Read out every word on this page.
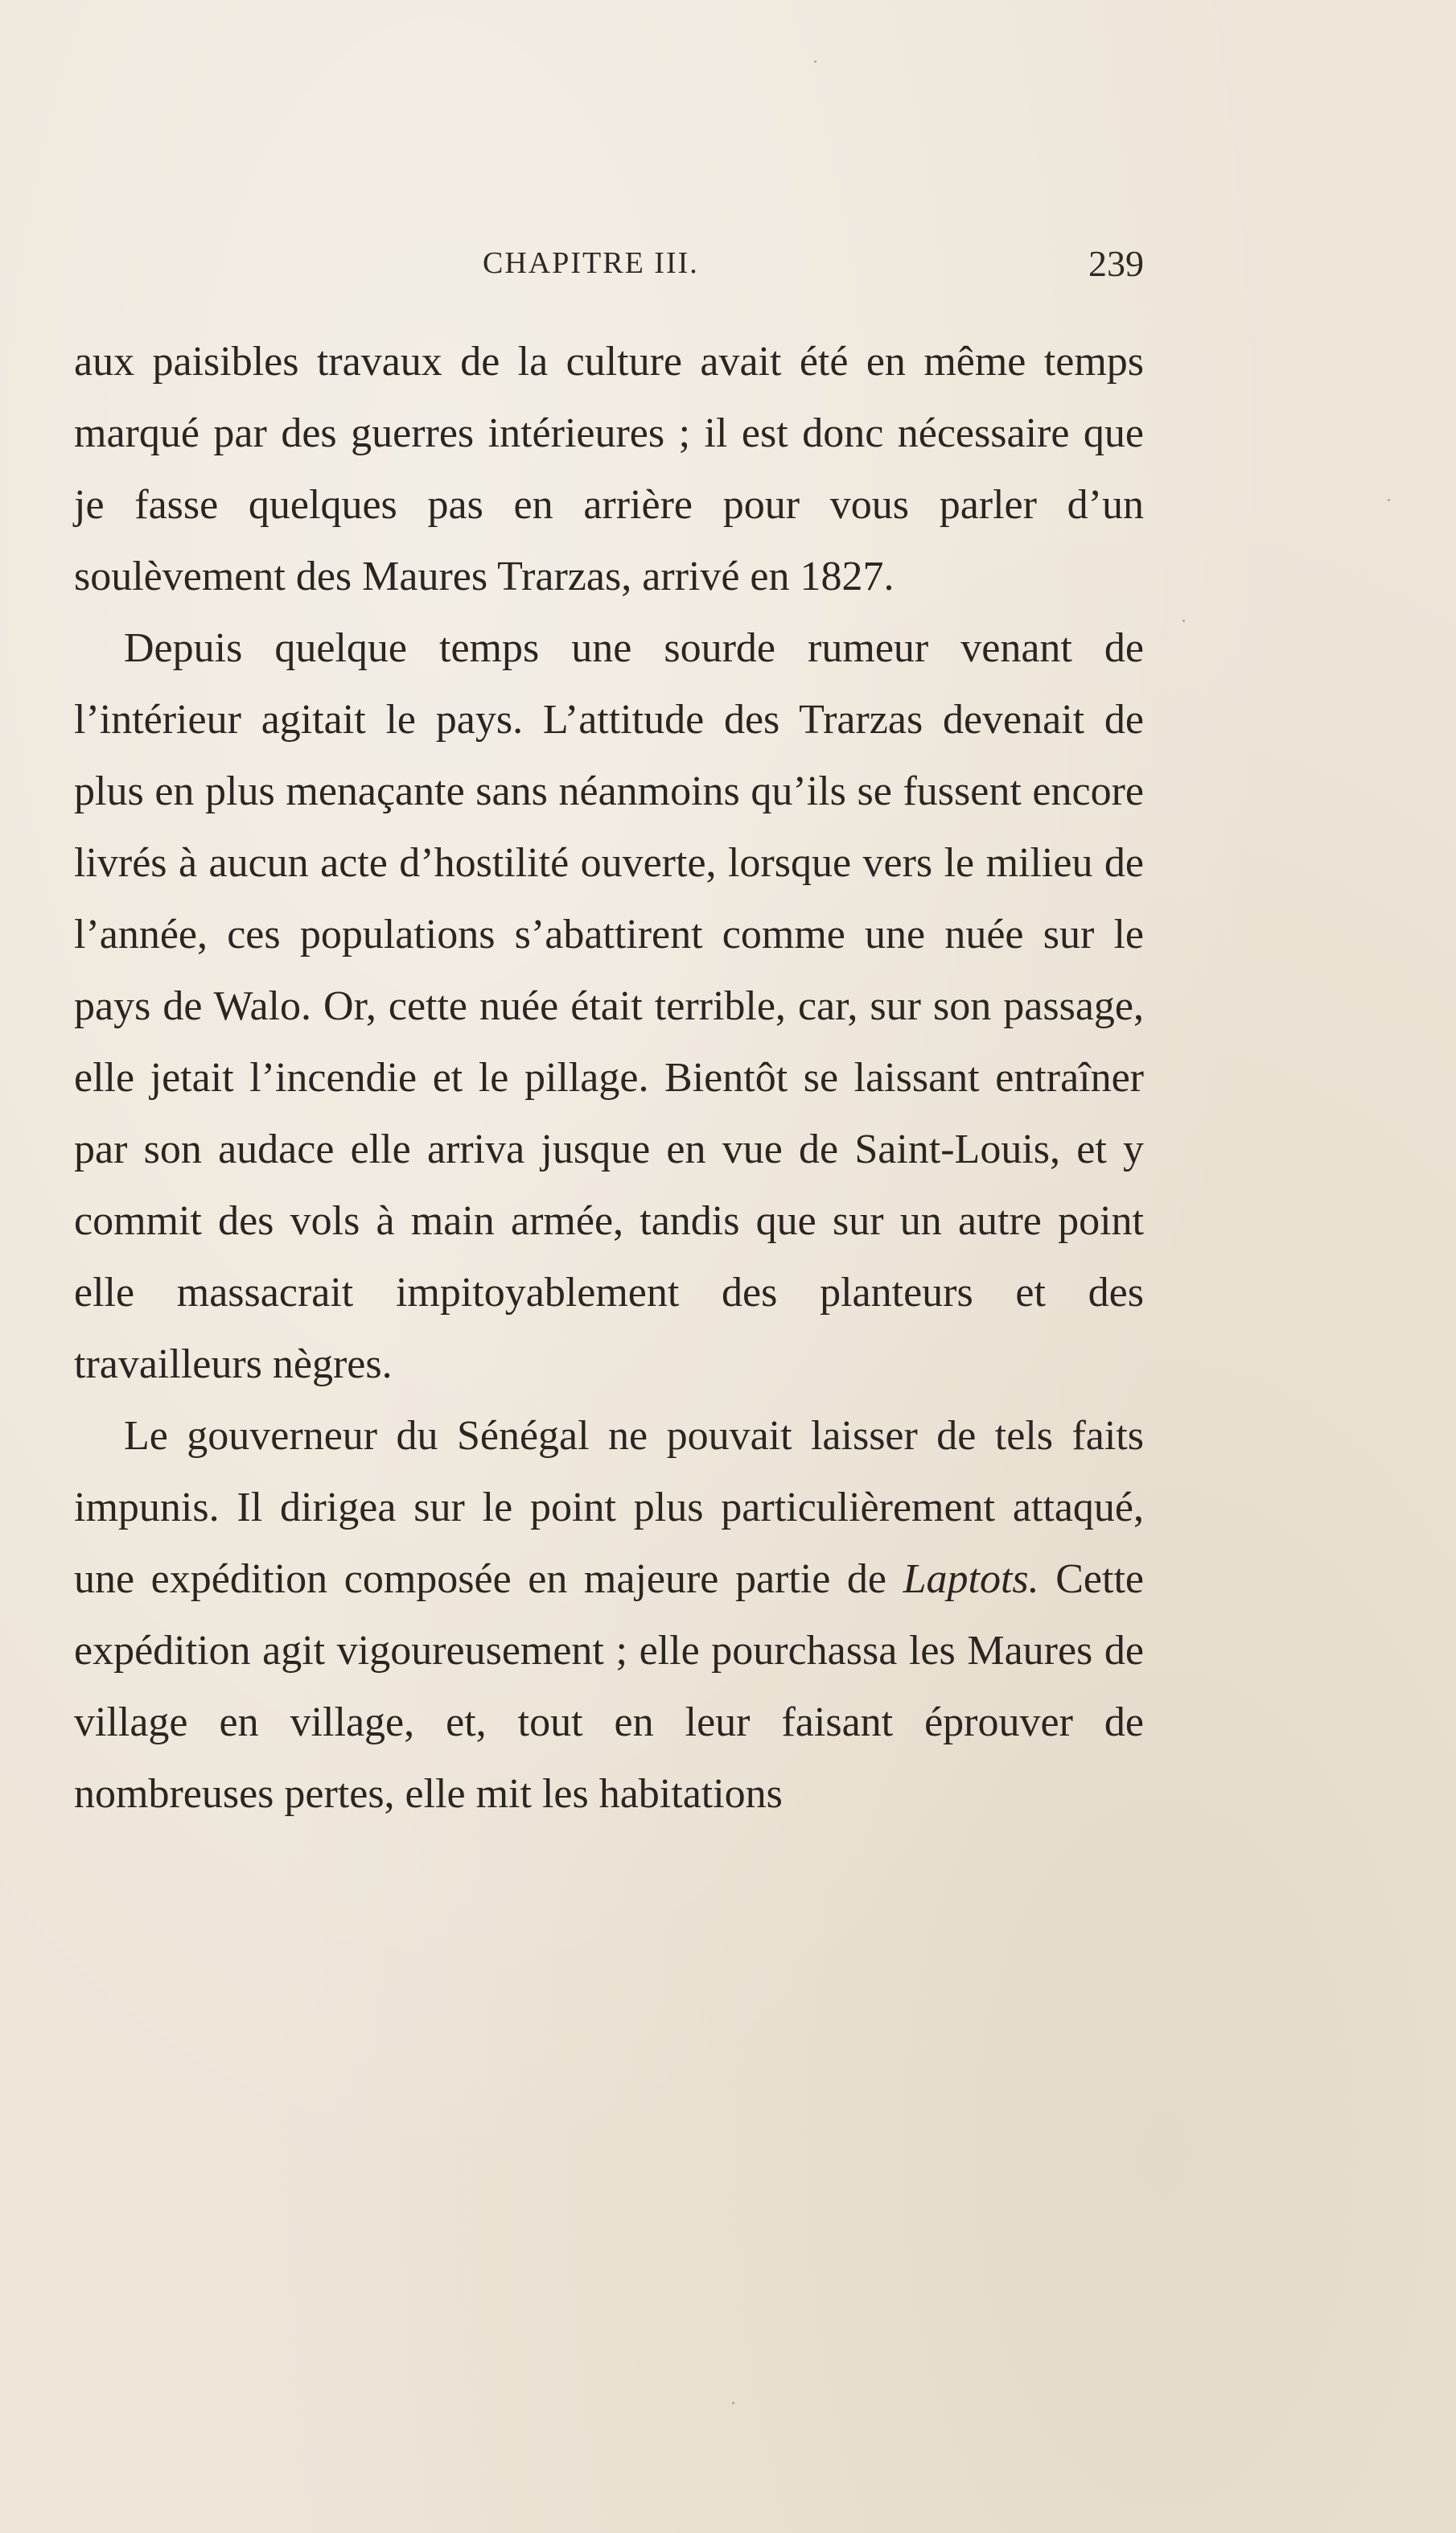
CHAPITRE III.	239

aux paisibles travaux de la culture avait été en même temps marqué par des guerres intérieures ; il est donc nécessaire que je fasse quelques pas en arrière pour vous parler d’un soulèvement des Maures Trarzas, arrivé en 1827.

Depuis quelque temps une sourde rumeur venant de l’intérieur agitait le pays. L’attitude des Trarzas devenait de plus en plus menaçante sans néanmoins qu’ils se fussent encore livrés à aucun acte d’hostilité ouverte, lorsque vers le milieu de l’année, ces populations s’abattirent comme une nuée sur le pays de Walo. Or, cette nuée était terrible, car, sur son passage, elle jetait l’incendie et le pillage. Bientôt se laissant entraîner par son audace elle arriva jusque en vue de Saint-Louis, et y commit des vols à main armée, tandis que sur un autre point elle massacrait impitoyablement des planteurs et des travailleurs nègres.

Le gouverneur du Sénégal ne pouvait laisser de tels faits impunis. Il dirigea sur le point plus particulièrement attaqué, une expédition composée en majeure partie de Laptots. Cette expédition agit vigoureusement ; elle pourchassa les Maures de village en village, et, tout en leur faisant éprouver de nombreuses pertes, elle mit les habitations
